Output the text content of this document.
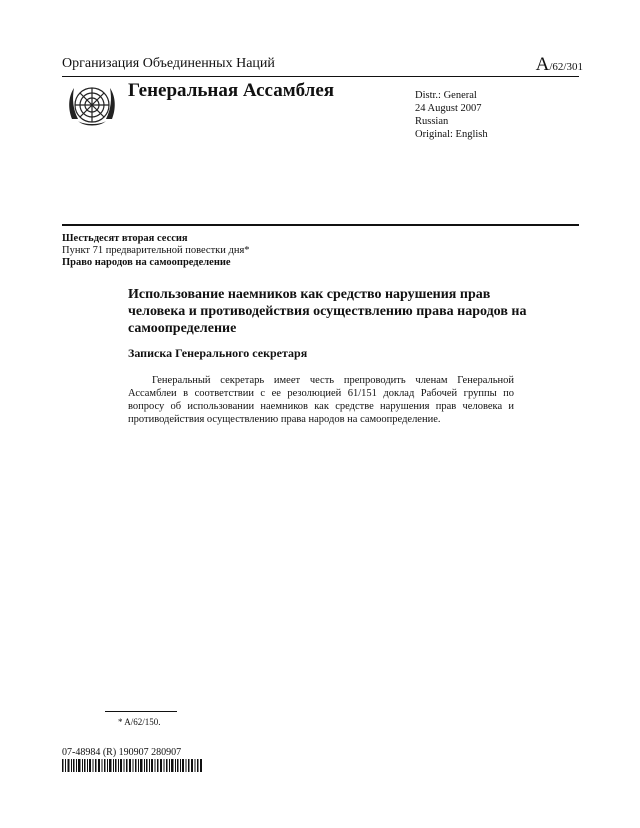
Организация Объединенных Наций	A/62/301
Генеральная Ассамблея	Distr.: General
24 August 2007
Russian
Original: English
Шестьдесят вторая сессия
Пункт 71 предварительной повестки дня*
Право народов на самоопределение
Использование наемников как средство нарушения прав человека и противодействия осуществлению права народов на самоопределение
Записка Генерального секретаря
Генеральный секретарь имеет честь препроводить членам Генеральной Ассамблеи в соответствии с ее резолюцией 61/151 доклад Рабочей группы по вопросу об использовании наемников как средстве нарушения прав человека и противодействия осуществлению права народов на самоопределение.
* A/62/150.
07-48984 (R) 190907 280907
